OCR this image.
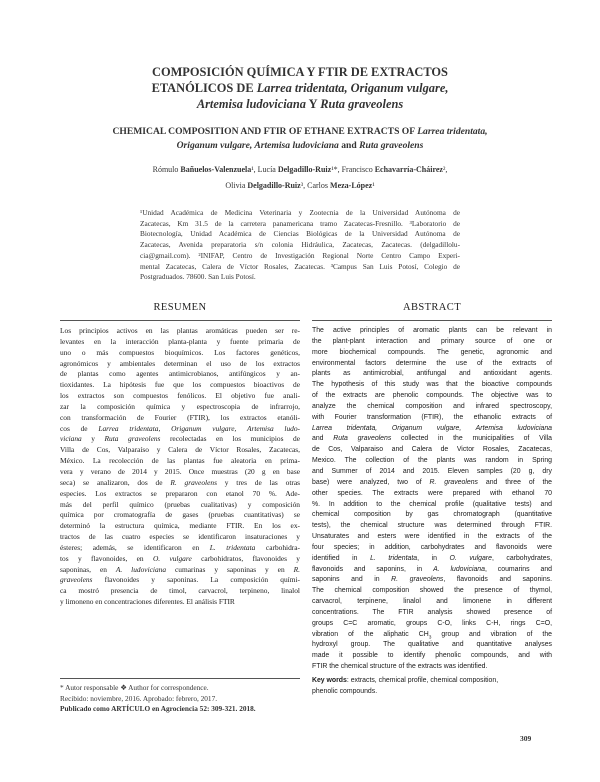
COMPOSICIÓN QUÍMICA Y FTIR DE EXTRACTOS
ETANÓLICOS DE Larrea tridentata, Origanum vulgare,
Artemisa ludoviciana Y Ruta graveolens
CHEMICAL COMPOSITION AND FTIR OF ETHANE EXTRACTS OF Larrea tridentata,
Origanum vulgare, Artemisa ludoviciana and Ruta graveolens
Rómulo Bañuelos-Valenzuela¹, Lucía Delgadillo-Ruiz¹*, Francisco Echavarría-Cháirez²,
Olivia Delgadillo-Ruiz³, Carlos Meza-López¹
¹Unidad Académica de Medicina Veterinaria y Zootecnia de la Universidad Autónoma de
Zacatecas, Km 31.5 de la carretera panamericana tramo Zacatecas-Fresnillo. ³Laboratorio de
Biotecnología, Unidad Académica de Ciencias Biológicas de la Universidad Autónoma de
Zacatecas, Avenida preparatoria s/n colonia Hidráulica, Zacatecas, Zacatecas. (delgadillolu-
cia@gmail.com). ²INIFAP, Centro de Investigación Regional Norte Centro Campo Experi-
mental Zacatecas, Calera de Víctor Rosales, Zacatecas. ³Campus San Luis Potosí, Colegio de
Postgraduados. 78600. San Luis Potosí.
RESUMEN	ABSTRACT
Los principios activos en las plantas aromáticas pueden ser re-
levantes en la interacción planta-planta y fuente primaria de
uno o más compuestos bioquímicos. Los factores genéticos,
agronómicos y ambientales determinan el uso de los extractos
de plantas como agentes antimicrobianos, antifúngicos y an-
tioxidantes. La hipótesis fue que los compuestos bioactivos de
los extractos son compuestos fenólicos. El objetivo fue anali-
zar la composición química y espectroscopia de infrarrojo,
con transformación de Fourier (FTIR), los extractos etanóli-
cos de Larrea tridentata, Origanum vulgare, Artemisa ludo-
viciana y Ruta graveolens recolectadas en los municipios de
Villa de Cos, Valparaíso y Calera de Víctor Rosales, Zacatecas,
México. La recolección de las plantas fue aleatoria en prima-
vera y verano de 2014 y 2015. Once muestras (20 g en base
seca) se analizaron, dos de R. graveolens y tres de las otras
especies. Los extractos se prepararon con etanol 70 %. Ade-
más del perfil químico (pruebas cualitativas) y composición
química por cromatografía de gases (pruebas cuantitativas) se
determinó la estructura química, mediante FTIR. En los ex-
tractos de las cuatro especies se identificaron insaturaciones y
ésteres; además, se identificaron en L. tridentata carbohidra-
tos y flavonoides, en O. vulgare carbohidratos, flavonoides y
saponinas, en A. ludoviciana cumarinas y saponinas y en R.
graveolens flavonoides y saponinas. La composición quími-
ca mostró presencia de timol, carvacrol, terpineno, linalol
y limoneno en concentraciones diferentes. El análisis FTIR
The active principles of aromatic plants can be relevant in
the plant-plant interaction and primary source of one or
more biochemical compounds. The genetic, agronomic and
environmental factors determine the use of the extracts of
plants as antimicrobial, antifungal and antioxidant agents.
The hypothesis of this study was that the bioactive compounds
of the extracts are phenolic compounds. The objective was to
analyze the chemical composition and infrared spectroscopy,
with Fourier transformation (FTIR), the ethanolic extracts of
Larrea tridentata, Origanum vulgare, Artemisa ludoviciana
and Ruta graveolens collected in the municipalities of Villa
de Cos, Valparaiso and Calera de Victor Rosales, Zacatecas,
Mexico. The collection of the plants was random in Spring
and Summer of 2014 and 2015. Eleven samples (20 g, dry
base) were analyzed, two of R. graveolens and three of the
other species. The extracts were prepared with ethanol 70
%. In addition to the chemical profile (qualitative tests) and
chemical composition by gas chromatograph (quantitative
tests), the chemical structure was determined through FTIR.
Unsaturates and esters were identified in the extracts of the
four species; in addition, carbohydrates and flavonoids were
identified in L. tridentata, in O. vulgare, carbohydrates,
flavonoids and saponins, in A. ludoviciana, coumarins and
saponins and in R. graveolens, flavonoids and saponins.
The chemical composition showed the presence of thymol,
carvacrol, terpinene, linalol and limonene in different
concentrations. The FTIR analysis showed presence of
groups C=C aromatic, groups C-O, links C-H, rings C=O,
vibration of the aliphatic $CH_3$ group and vibration of the
hydroxyl group. The qualitative and quantitative analyses
made it possible to identify phenolic compounds, and with
FTIR the chemical structure of the extracts was identified.
Key words: extracts, chemical profile, chemical composition,
phenolic compounds.
* Autor responsable ❖ Author for correspondence.
Recibido: noviembre, 2016. Aprobado: febrero, 2017.
Publicado como ARTÍCULO en Agrociencia 52: 309-321. 2018.
309
